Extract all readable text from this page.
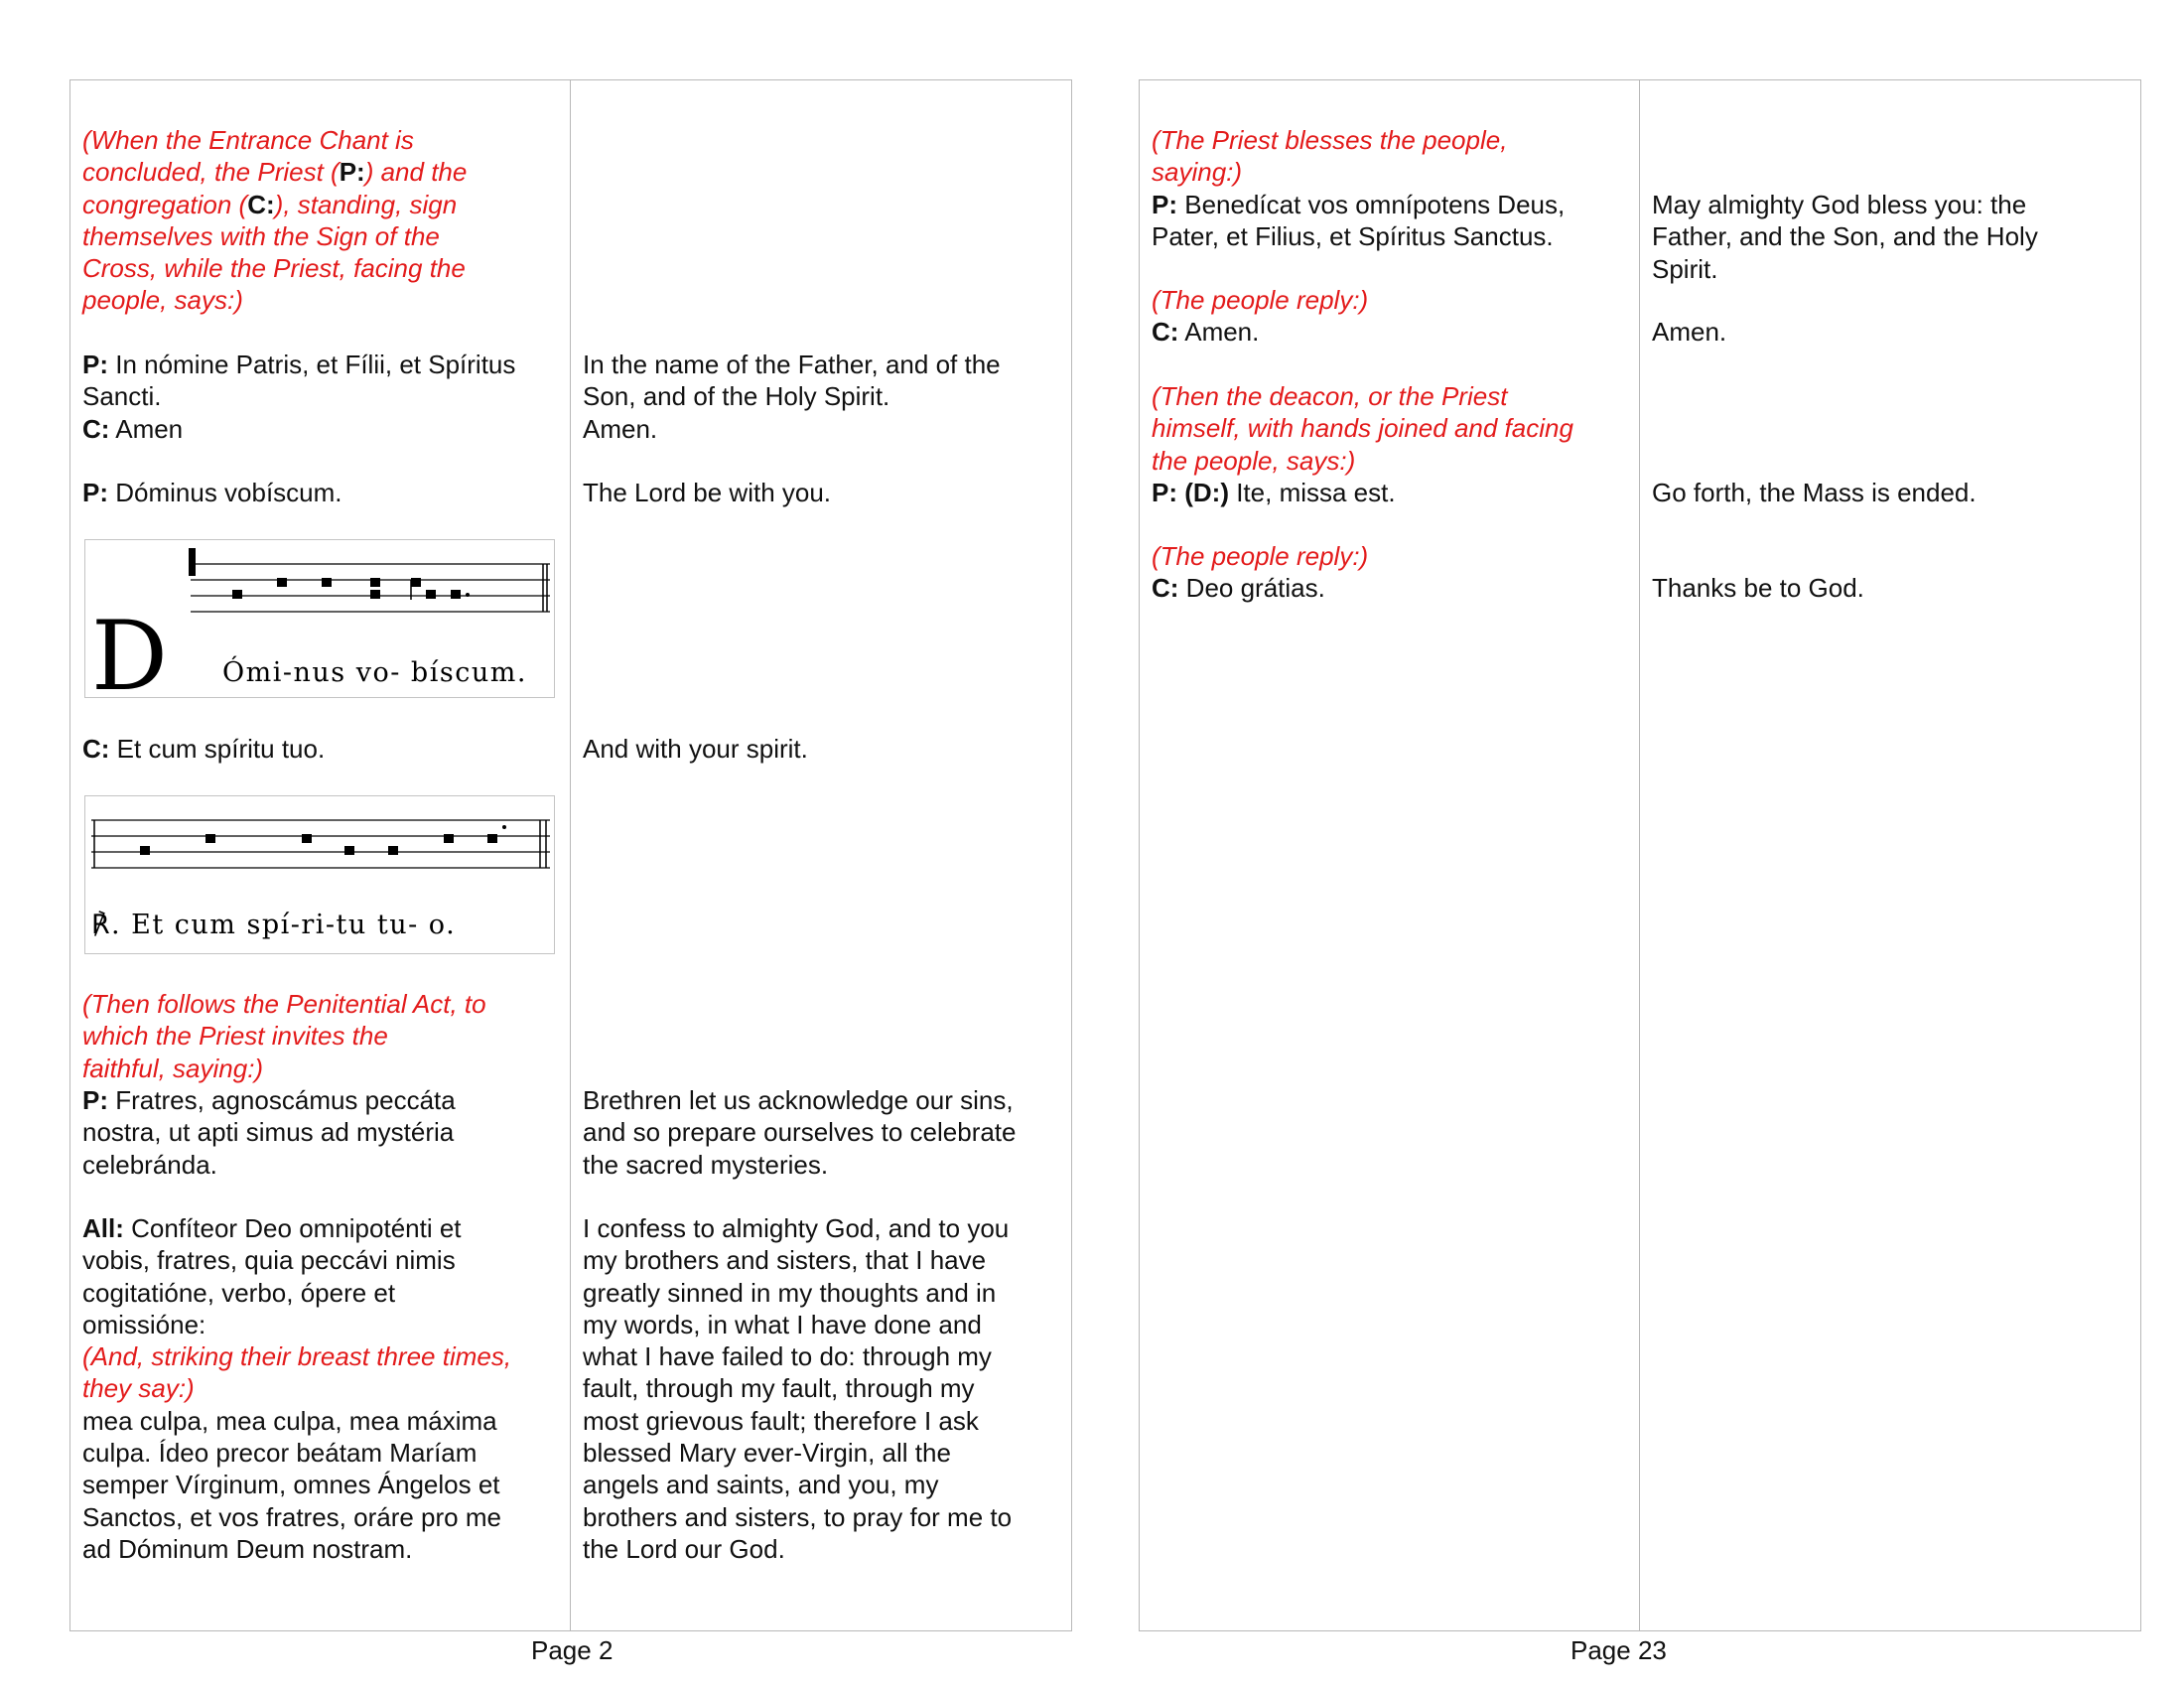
(When the Entrance Chant is
concluded, the Priest (P:) and the
congregation (C:), standing, sign
themselves with the Sign of the
Cross, while the Priest, facing the
people, says:)
P: In nómine Patris, et Fílii, et Spíritus
Sancti.
C: Amen
P: Dóminus vobíscum.
D Ómi-nus vo- bíscum.
C: Et cum spíritu tuo.
℟. Et cum spí-ri-tu tu- o.
(Then follows the Penitential Act, to
which the Priest invites the
faithful, saying:)
P: Fratres, agnoscámus peccáta
nostra, ut apti simus ad mystéria
celebránda.
All: Confíteor Deo omnipoténti et
vobis, fratres, quia peccávi nimis
cogitatióne, verbo, ópere et
omissióne:
(And, striking their breast three times,
they say:)
mea culpa, mea culpa, mea máxima
culpa. Ídeo precor beátam Maríam
semper Vírginum, omnes Ángelos et
Sanctos, et vos fratres, oráre pro me
ad Dóminum Deum nostram.
In the name of the Father, and of the
Son, and of the Holy Spirit.
Amen.
The Lord be with you.
And with your spirit.
Brethren let us acknowledge our sins,
and so prepare ourselves to celebrate
the sacred mysteries.
I confess to almighty God, and to you
my brothers and sisters, that I have
greatly sinned in my thoughts and in
my words, in what I have done and
what I have failed to do: through my
fault, through my fault, through my
most grievous fault; therefore I ask
blessed Mary ever-Virgin, all the
angels and saints, and you, my
brothers and sisters, to pray for me to
the Lord our God.
Page 2
(The Priest blesses the people,
saying:)
P: Benedícat vos omnípotens Deus,
Pater, et Filius, et Spíritus Sanctus.
(The people reply:)
C: Amen.
(Then the deacon, or the Priest
himself, with hands joined and facing
the people, says:)
P: (D:) Ite, missa est.
(The people reply:)
C: Deo grátias.
May almighty God bless you: the
Father, and the Son, and the Holy
Spirit.
Amen.
Go forth, the Mass is ended.
Thanks be to God.
Page 23
